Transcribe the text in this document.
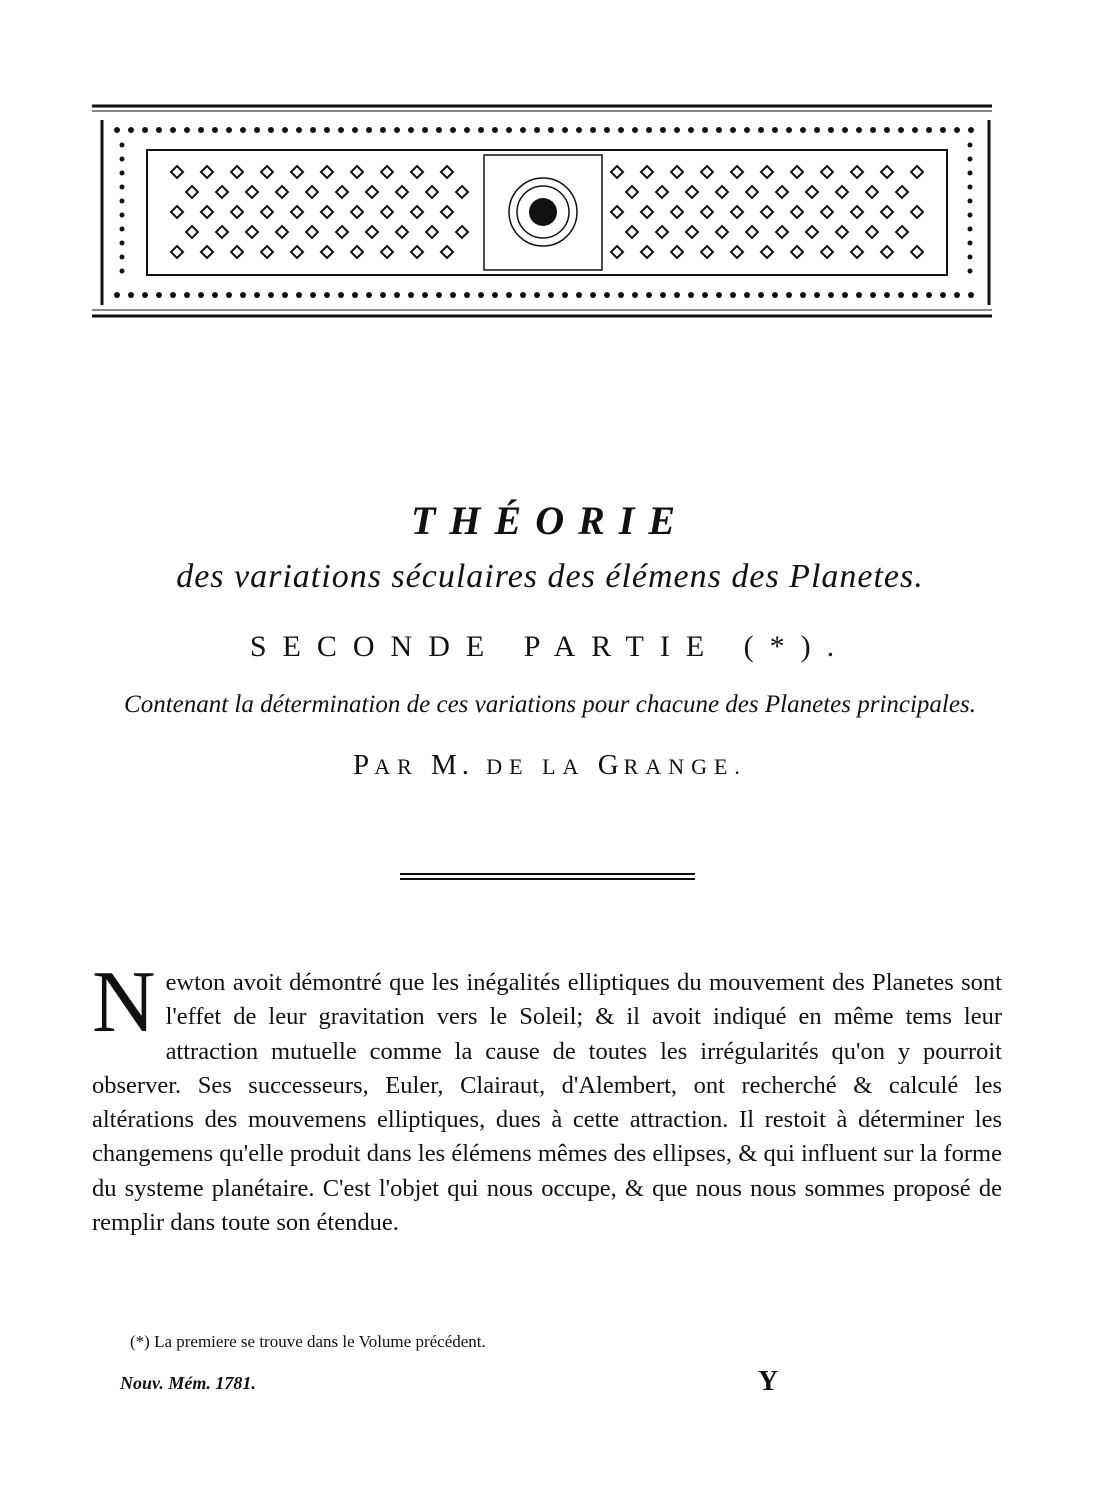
THÉORIE

des variations séculaires des élémens des Planetes.

SECONDE PARTIE (*).

Contenant la détermination de ces variations pour chacune des Planetes principales.

PAR M. DE LA GRANGE.

N ewton avoit démontré que les inégalités elliptiques du mouvement des Planetes sont l'effet de leur gravitation vers le Soleil; & il avoit indiqué en même tems leur attraction mutuelle comme la cause de toutes les irrégularités qu'on y pourroit observer. Ses successeurs, Euler, Clairaut, d'Alembert, ont recherché & calculé les altérations des mouvemens elliptiques, dues à cette attraction. Il restoit à déterminer les changemens qu'elle produit dans les élémens mêmes des ellipses, & qui influent sur la forme du systeme planétaire. C'est l'objet qui nous occupe, & que nous nous sommes proposé de remplir dans toute son étendue.

(*) La premiere se trouve dans le Volume précédent.
Nouv. Mém. 1781.	Y
